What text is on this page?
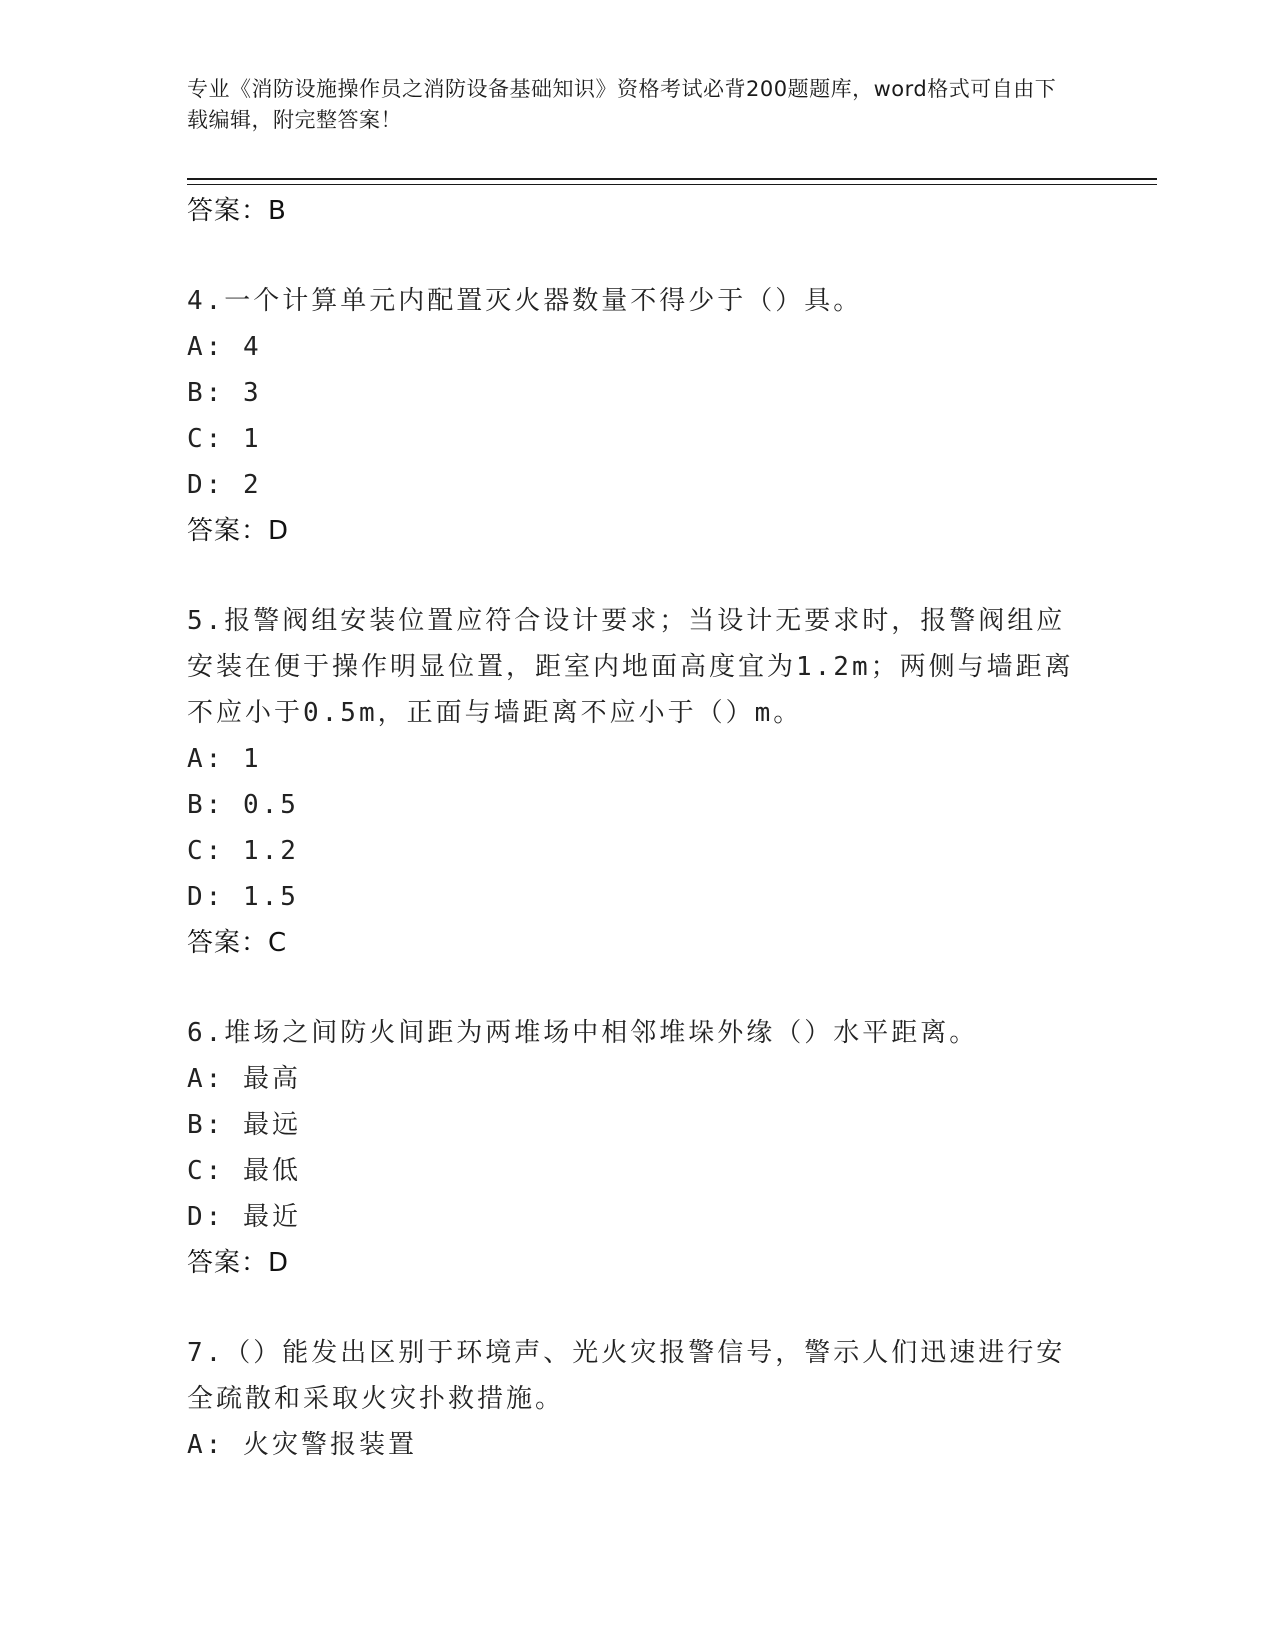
专业《消防设施操作员之消防设备基础知识》资格考试必背200题题库，word格式可自由下载编辑，附完整答案！
答案：B
4.一个计算单元内配置灭火器数量不得少于（）具。
A: 4
B: 3
C: 1
D: 2
答案：D
5.报警阀组安装位置应符合设计要求；当设计无要求时，报警阀组应安装在便于操作明显位置，距室内地面高度宜为1.2m；两侧与墙距离不应小于0.5m，正面与墙距离不应小于（）m。
A: 1
B: 0.5
C: 1.2
D: 1.5
答案：C
6.堆场之间防火间距为两堆场中相邻堆垛外缘（）水平距离。
A: 最高
B: 最远
C: 最低
D: 最近
答案：D
7.（）能发出区别于环境声、光火灾报警信号，警示人们迅速进行安全疏散和采取火灾扑救措施。
A: 火灾警报装置
